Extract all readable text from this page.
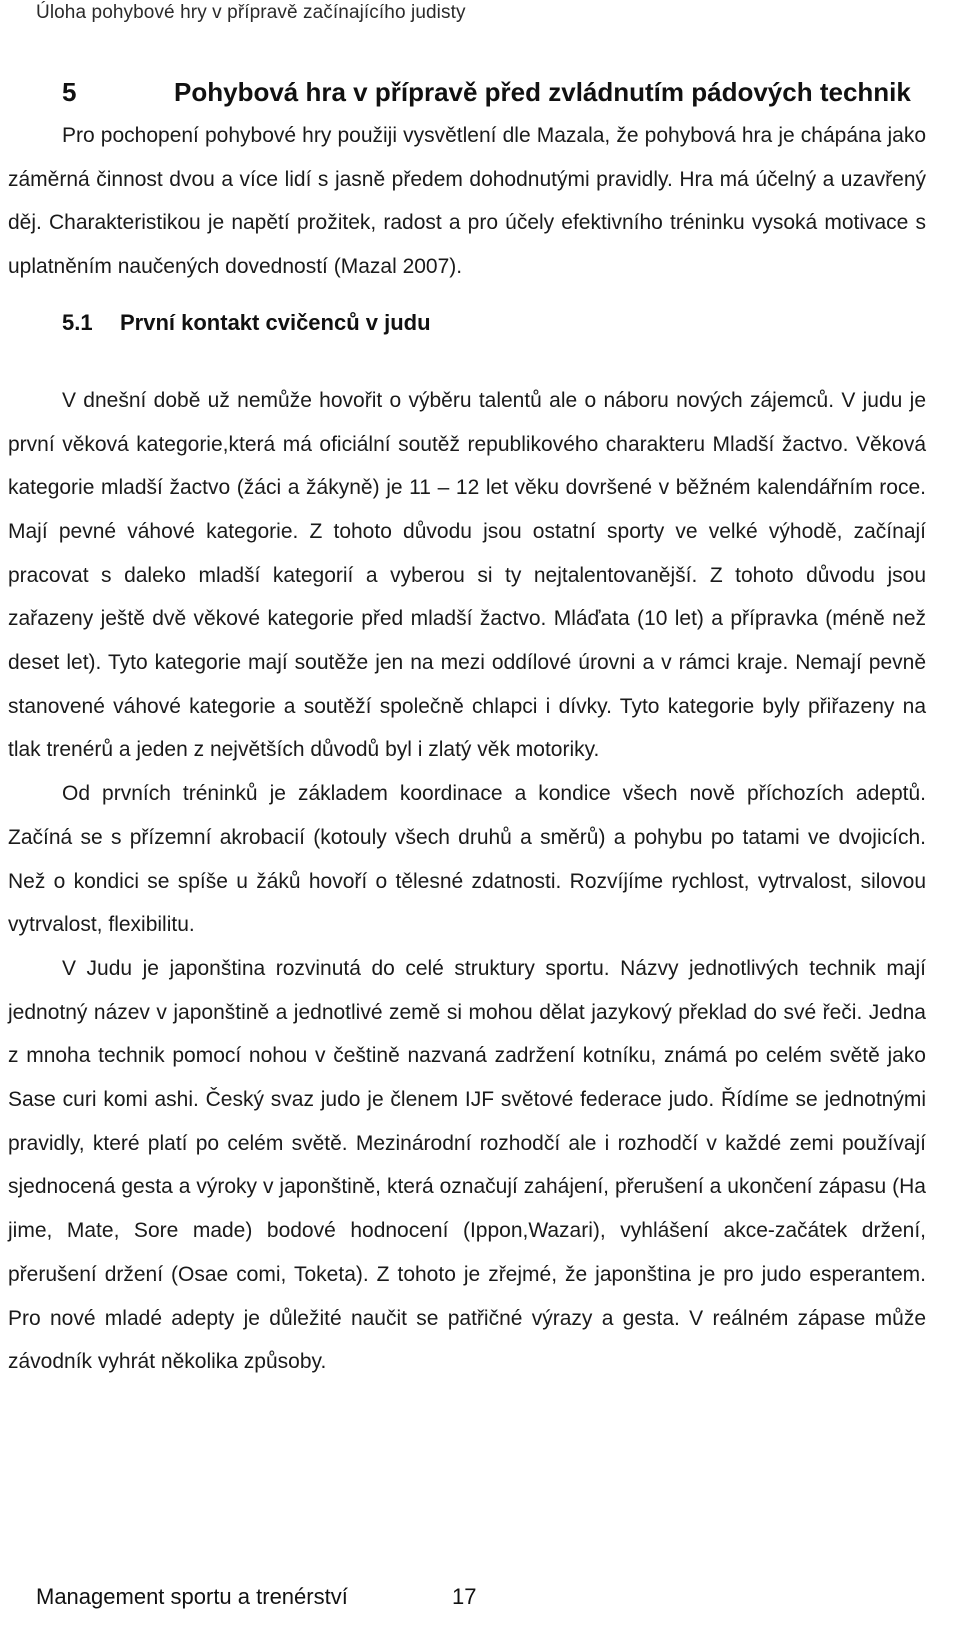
Úloha pohybové hry v přípravě začínajícího judisty
5	Pohybová hra v přípravě před zvládnutím pádových technik

Pro pochopení pohybové hry použiji vysvětlení dle Mazala, že pohybová hra je chápána jako záměrná činnost dvou a více lidí s jasně předem dohodnutými pravidly. Hra má účelný a uzavřený děj. Charakteristikou je napětí prožitek, radost a pro účely efektivního tréninku vysoká motivace s uplatněním naučených dovedností (Mazal 2007).

5.1	První kontakt cvičenců v judu

V dnešní době už nemůže hovořit o výběru talentů ale o náboru nových zájemců. V judu je první věková kategorie,která má oficiální soutěž republikového charakteru Mladší žactvo. Věková kategorie mladší žactvo (žáci a žákyně) je 11 – 12 let věku dovršené v běžném kalendářním roce. Mají pevné váhové kategorie. Z tohoto důvodu jsou ostatní sporty ve velké výhodě, začínají pracovat s daleko mladší kategorií a vyberou si ty nejtalentovanější. Z tohoto důvodu jsou zařazeny ještě dvě věkové kategorie před mladší žactvo. Mláďata (10 let) a přípravka (méně než deset let). Tyto kategorie mají soutěže jen na mezi oddílové úrovni a v rámci kraje. Nemají pevně stanovené váhové kategorie a soutěží společně chlapci i dívky. Tyto kategorie byly přiřazeny na tlak trenérů a jeden z největších důvodů byl i zlatý věk motoriky.

Od prvních tréninků je základem koordinace a kondice všech nově příchozích adeptů. Začíná se s přízemní akrobacií (kotouly všech druhů a směrů) a pohybu po tatami ve dvojicích. Než o kondici se spíše u žáků hovoří o tělesné zdatnosti. Rozvíjíme rychlost, vytrvalost, silovou vytrvalost, flexibilitu.

V Judu je japonština rozvinutá do celé struktury sportu. Názvy jednotlivých technik mají jednotný název v japonštině a jednotlivé země si mohou dělat jazykový překlad do své řeči. Jedna z mnoha technik pomocí nohou v češtině nazvaná zadržení kotníku, známá po celém světě jako Sase curi komi ashi. Český svaz judo je členem IJF světové federace judo. Řídíme se jednotnými pravidly, které platí po celém světě. Mezinárodní rozhodčí ale i rozhodčí v každé zemi používají sjednocená gesta a výroky v japonštině, která označují zahájení, přerušení a ukončení zápasu (Ha jime, Mate, Sore made) bodové hodnocení (Ippon,Wazari), vyhlášení akce-začátek držení, přerušení držení (Osae comi, Toketa). Z tohoto je zřejmé, že japonština je pro judo esperantem. Pro nové mladé adepty je důležité naučit se patřičné výrazy a gesta. V reálném zápase může závodník vyhrát několika způsoby.

Management sportu a trenérství	17
